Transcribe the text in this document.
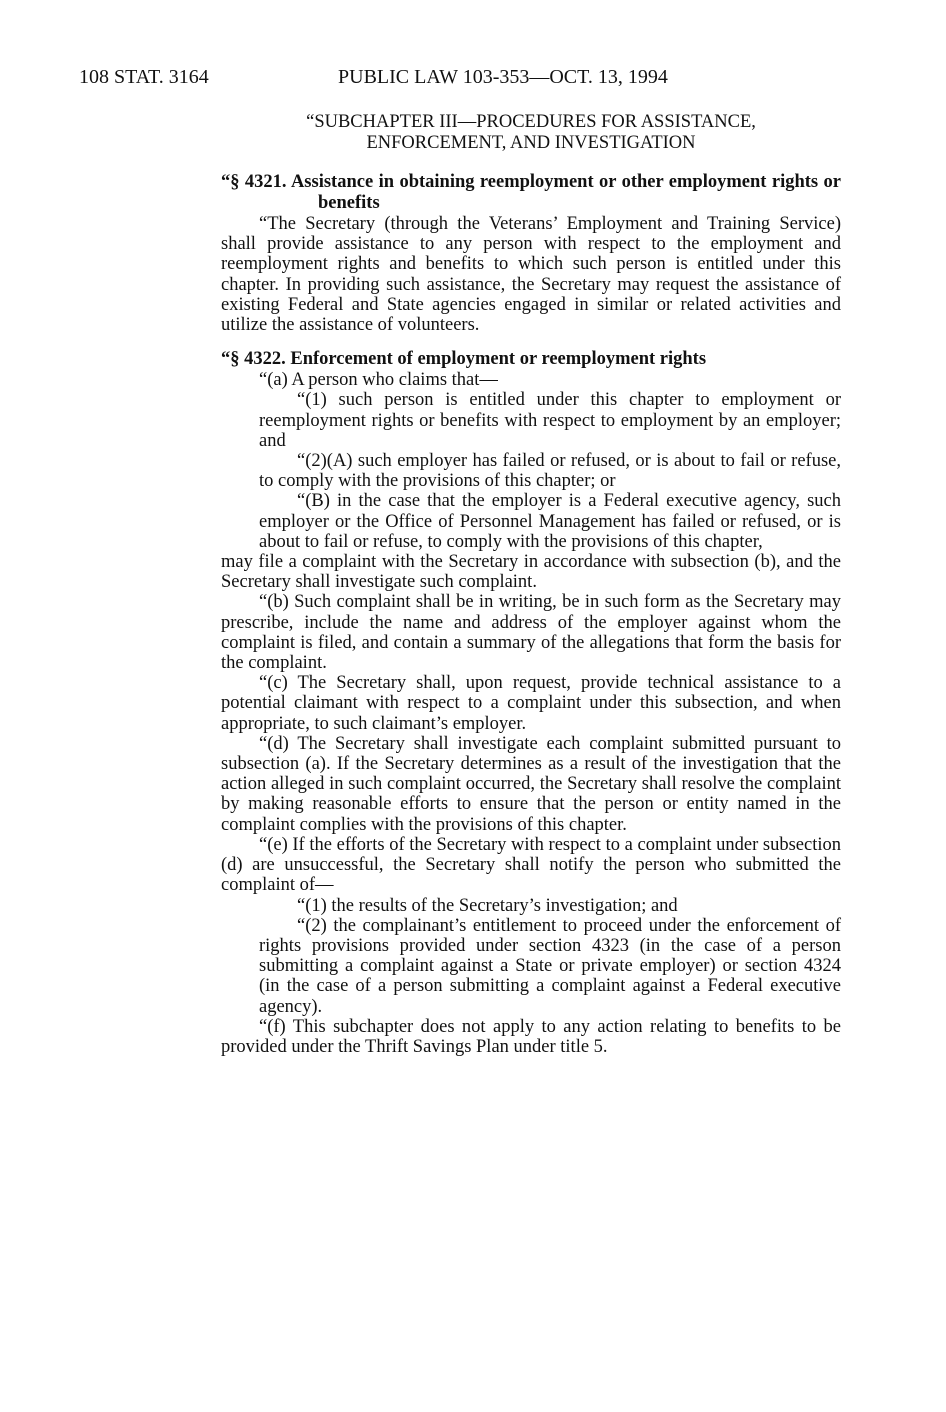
108 STAT. 3164	PUBLIC LAW 103-353—OCT. 13, 1994
“SUBCHAPTER III—PROCEDURES FOR ASSISTANCE,
ENFORCEMENT, AND INVESTIGATION

“§ 4321. Assistance in obtaining reemployment or other employment rights or benefits

“The Secretary (through the Veterans’ Employment and Training Service) shall provide assistance to any person with respect to the employment and reemployment rights and benefits to which such person is entitled under this chapter. In providing such assistance, the Secretary may request the assistance of existing Federal and State agencies engaged in similar or related activities and utilize the assistance of volunteers.

“§ 4322. Enforcement of employment or reemployment rights

“(a) A person who claims that—

“(1) such person is entitled under this chapter to employment or reemployment rights or benefits with respect to employment by an employer; and

“(2)(A) such employer has failed or refused, or is about to fail or refuse, to comply with the provisions of this chapter; or

“(B) in the case that the employer is a Federal executive agency, such employer or the Office of Personnel Management has failed or refused, or is about to fail or refuse, to comply with the provisions of this chapter,

may file a complaint with the Secretary in accordance with subsection (b), and the Secretary shall investigate such complaint.

“(b) Such complaint shall be in writing, be in such form as the Secretary may prescribe, include the name and address of the employer against whom the complaint is filed, and contain a summary of the allegations that form the basis for the complaint.

“(c) The Secretary shall, upon request, provide technical assistance to a potential claimant with respect to a complaint under this subsection, and when appropriate, to such claimant’s employer.

“(d) The Secretary shall investigate each complaint submitted pursuant to subsection (a). If the Secretary determines as a result of the investigation that the action alleged in such complaint occurred, the Secretary shall resolve the complaint by making reasonable efforts to ensure that the person or entity named in the complaint complies with the provisions of this chapter.

“(e) If the efforts of the Secretary with respect to a complaint under subsection (d) are unsuccessful, the Secretary shall notify the person who submitted the complaint of—

“(1) the results of the Secretary’s investigation; and

“(2) the complainant’s entitlement to proceed under the enforcement of rights provisions provided under section 4323 (in the case of a person submitting a complaint against a State or private employer) or section 4324 (in the case of a person submitting a complaint against a Federal executive agency).

“(f) This subchapter does not apply to any action relating to benefits to be provided under the Thrift Savings Plan under title 5.
